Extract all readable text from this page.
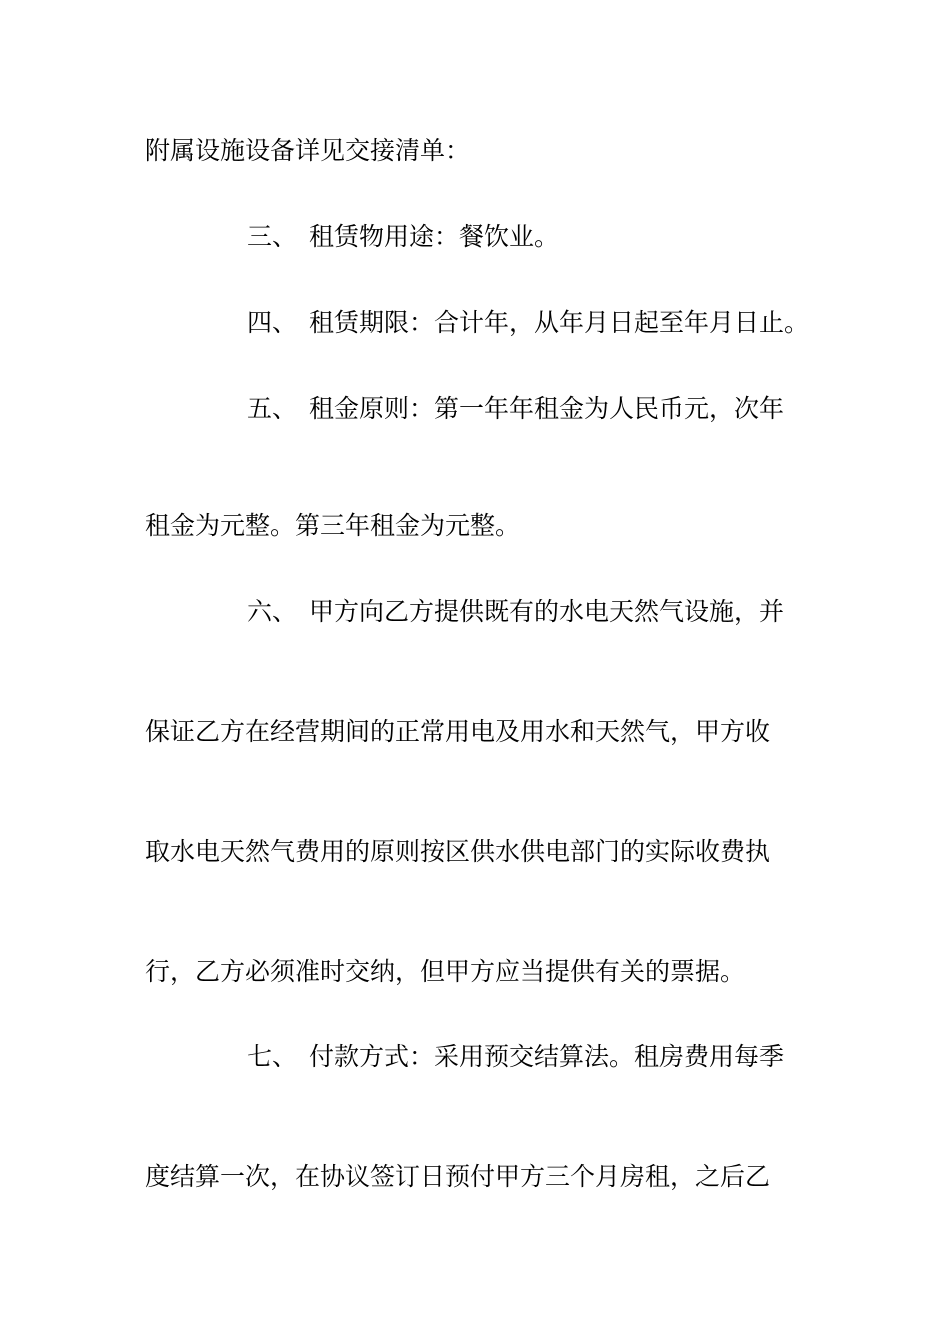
附属设施设备详见交接清单：
三、 租赁物用途：餐饮业。
四、 租赁期限：合计年，从年月日起至年月日止。
五、 租金原则：第一年年租金为人民币元，次年
租金为元整。第三年租金为元整。
六、 甲方向乙方提供既有的水电天然气设施，并
保证乙方在经营期间的正常用电及用水和天然气，甲方收
取水电天然气费用的原则按区供水供电部门的实际收费执
行，乙方必须准时交纳，但甲方应当提供有关的票据。
七、 付款方式：采用预交结算法。租房费用每季
度结算一次，在协议签订日预付甲方三个月房租，之后乙
